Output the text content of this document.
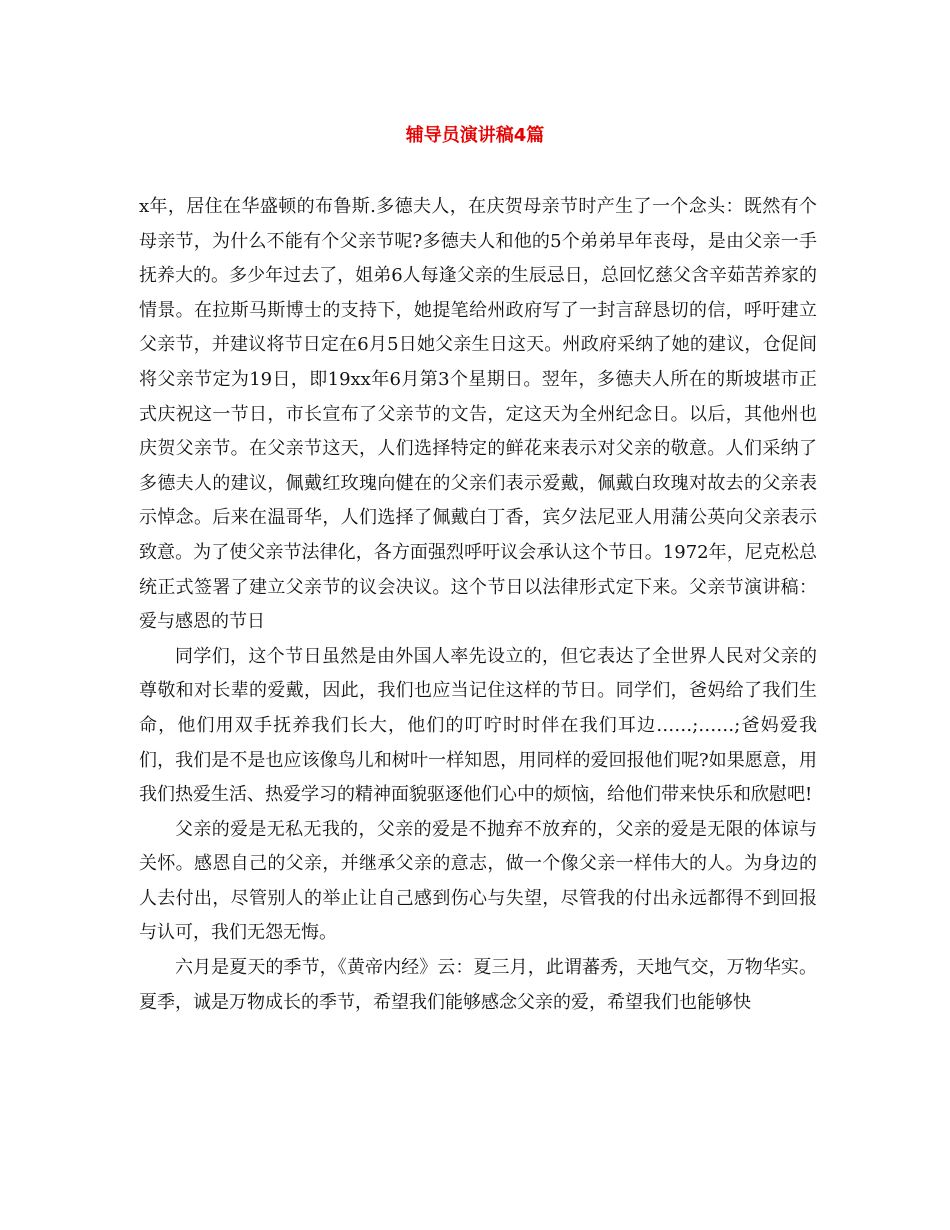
辅导员演讲稿4篇

x年，居住在华盛顿的布鲁斯.多德夫人，在庆贺母亲节时产生了一个念头：既然有个母亲节，为什么不能有个父亲节呢?多德夫人和他的5个弟弟早年丧母，是由父亲一手抚养大的。多少年过去了，姐弟6人每逢父亲的生辰忌日，总回忆慈父含辛茹苦养家的情景。在拉斯马斯博士的支持下，她提笔给州政府写了一封言辞恳切的信，呼吁建立父亲节，并建议将节日定在6月5日她父亲生日这天。州政府采纳了她的建议，仓促间将父亲节定为19日，即19xx年6月第3个星期日。翌年，多德夫人所在的斯坡堪市正式庆祝这一节日，市长宣布了父亲节的文告，定这天为全州纪念日。以后，其他州也庆贺父亲节。在父亲节这天，人们选择特定的鲜花来表示对父亲的敬意。人们采纳了多德夫人的建议，佩戴红玫瑰向健在的父亲们表示爱戴，佩戴白玫瑰对故去的父亲表示悼念。后来在温哥华，人们选择了佩戴白丁香，宾夕法尼亚人用蒲公英向父亲表示致意。为了使父亲节法律化，各方面强烈呼吁议会承认这个节日。1972年，尼克松总统正式签署了建立父亲节的议会决议。这个节日以法律形式定下来。父亲节演讲稿：爱与感恩的节日

同学们，这个节日虽然是由外国人率先设立的，但它表达了全世界人民对父亲的尊敬和对长辈的爱戴，因此，我们也应当记住这样的节日。同学们，爸妈给了我们生命，他们用双手抚养我们长大，他们的叮咛时时伴在我们耳边……;……;爸妈爱我们，我们是不是也应该像鸟儿和树叶一样知恩，用同样的爱回报他们呢?如果愿意，用我们热爱生活、热爱学习的精神面貌驱逐他们心中的烦恼，给他们带来快乐和欣慰吧!

父亲的爱是无私无我的，父亲的爱是不抛弃不放弃的，父亲的爱是无限的体谅与关怀。感恩自己的父亲，并继承父亲的意志，做一个像父亲一样伟大的人。为身边的人去付出，尽管别人的举止让自己感到伤心与失望，尽管我的付出永远都得不到回报与认可，我们无怨无悔。

六月是夏天的季节，《黄帝内经》云：夏三月，此谓蕃秀，天地气交，万物华实。夏季，诚是万物成长的季节，希望我们能够感念父亲的爱，希望我们也能够快
